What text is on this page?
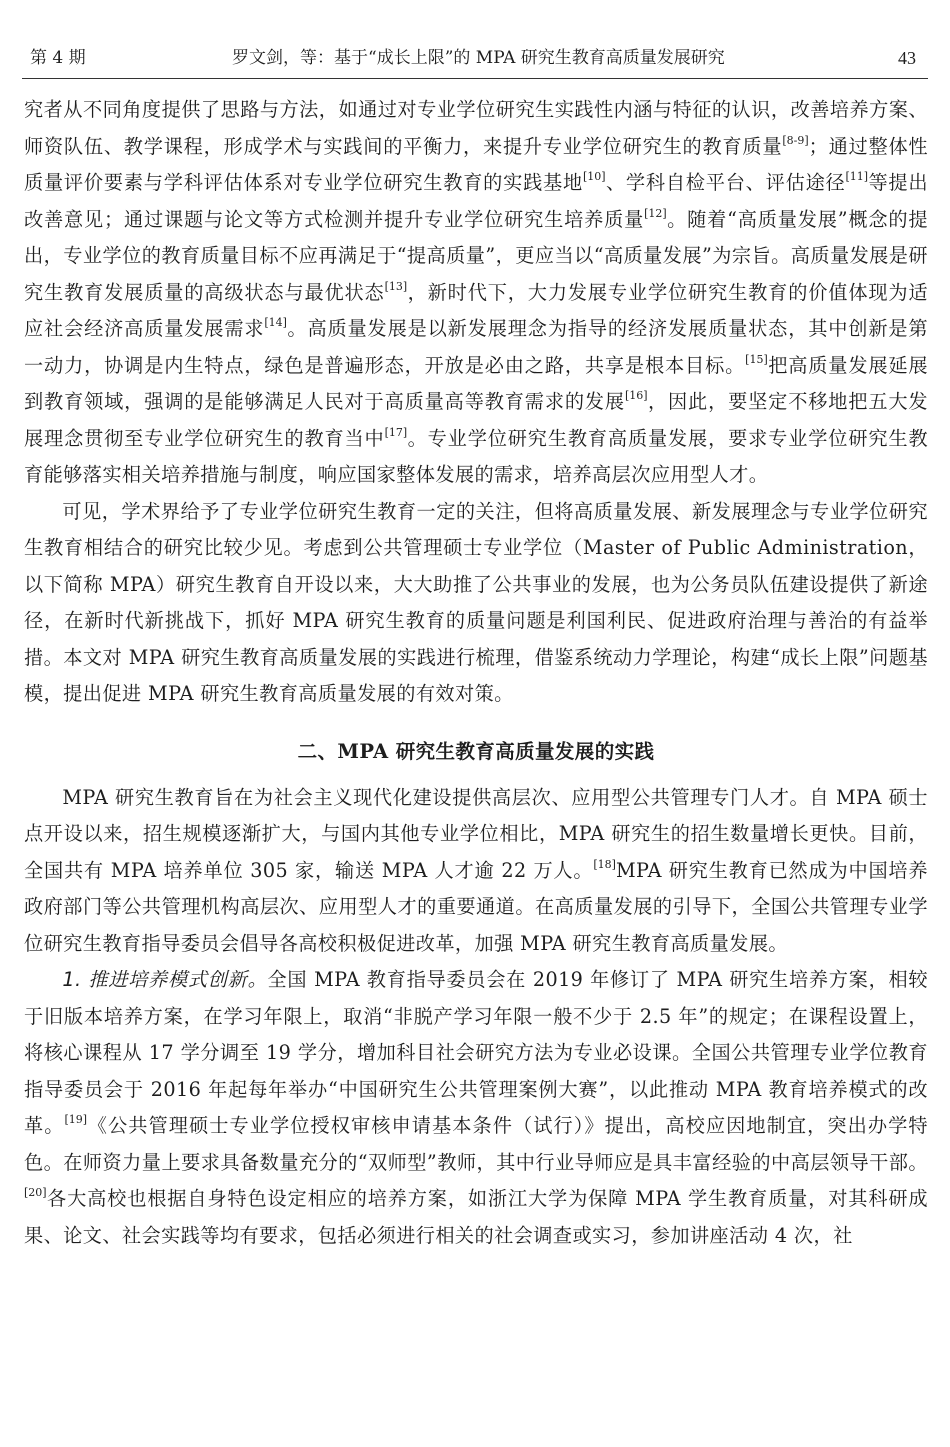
第 4 期	罗文剑，等：基于“成长上限”的 MPA 研究生教育高质量发展研究	43

究者从不同角度提供了思路与方法，如通过对专业学位研究生实践性内涵与特征的认识，改善培养方案、师资队伍、教学课程，形成学术与实践间的平衡力，来提升专业学位研究生的教育质量[8-9]；通过整体性质量评价要素与学科评估体系对专业学位研究生教育的实践基地[10]、学科自检平台、评估途径[11]等提出改善意见；通过课题与论文等方式检测并提升专业学位研究生培养质量[12]。随着“高质量发展”概念的提出，专业学位的教育质量目标不应再满足于“提高质量”，更应当以“高质量发展”为宗旨。高质量发展是研究生教育发展质量的高级状态与最优状态[13]，新时代下，大力发展专业学位研究生教育的价值体现为适应社会经济高质量发展需求[14]。高质量发展是以新发展理念为指导的经济发展质量状态，其中创新是第一动力，协调是内生特点，绿色是普遍形态，开放是必由之路，共享是根本目标。[15]把高质量发展延展到教育领域，强调的是能够满足人民对于高质量高等教育需求的发展[16]，因此，要坚定不移地把五大发展理念贯彻至专业学位研究生的教育当中[17]。专业学位研究生教育高质量发展，要求专业学位研究生教育能够落实相关培养措施与制度，响应国家整体发展的需求，培养高层次应用型人才。

可见，学术界给予了专业学位研究生教育一定的关注，但将高质量发展、新发展理念与专业学位研究生教育相结合的研究比较少见。考虑到公共管理硕士专业学位（Master of Public Administration，以下简称 MPA）研究生教育自开设以来，大大助推了公共事业的发展，也为公务员队伍建设提供了新途径，在新时代新挑战下，抓好 MPA 研究生教育的质量问题是利国利民、促进政府治理与善治的有益举措。本文对 MPA 研究生教育高质量发展的实践进行梳理，借鉴系统动力学理论，构建“成长上限”问题基模，提出促进 MPA 研究生教育高质量发展的有效对策。

二、MPA 研究生教育高质量发展的实践

MPA 研究生教育旨在为社会主义现代化建设提供高层次、应用型公共管理专门人才。自 MPA 硕士点开设以来，招生规模逐渐扩大，与国内其他专业学位相比，MPA 研究生的招生数量增长更快。目前，全国共有 MPA 培养单位 305 家，输送 MPA 人才逾 22 万人。[18]MPA 研究生教育已然成为中国培养政府部门等公共管理机构高层次、应用型人才的重要通道。在高质量发展的引导下，全国公共管理专业学位研究生教育指导委员会倡导各高校积极促进改革，加强 MPA 研究生教育高质量发展。

1. 推进培养模式创新。全国 MPA 教育指导委员会在 2019 年修订了 MPA 研究生培养方案，相较于旧版本培养方案，在学习年限上，取消“非脱产学习年限一般不少于 2.5 年”的规定；在课程设置上，将核心课程从 17 学分调至 19 学分，增加科目社会研究方法为专业必设课。全国公共管理专业学位教育指导委员会于 2016 年起每年举办“中国研究生公共管理案例大赛”，以此推动 MPA 教育培养模式的改革。[19]《公共管理硕士专业学位授权审核申请基本条件（试行）》提出，高校应因地制宜，突出办学特色。在师资力量上要求具备数量充分的“双师型”教师，其中行业导师应是具丰富经验的中高层领导干部。[20]各大高校也根据自身特色设定相应的培养方案，如浙江大学为保障 MPA 学生教育质量，对其科研成果、论文、社会实践等均有要求，包括必须进行相关的社会调查或实习，参加讲座活动 4 次，社
